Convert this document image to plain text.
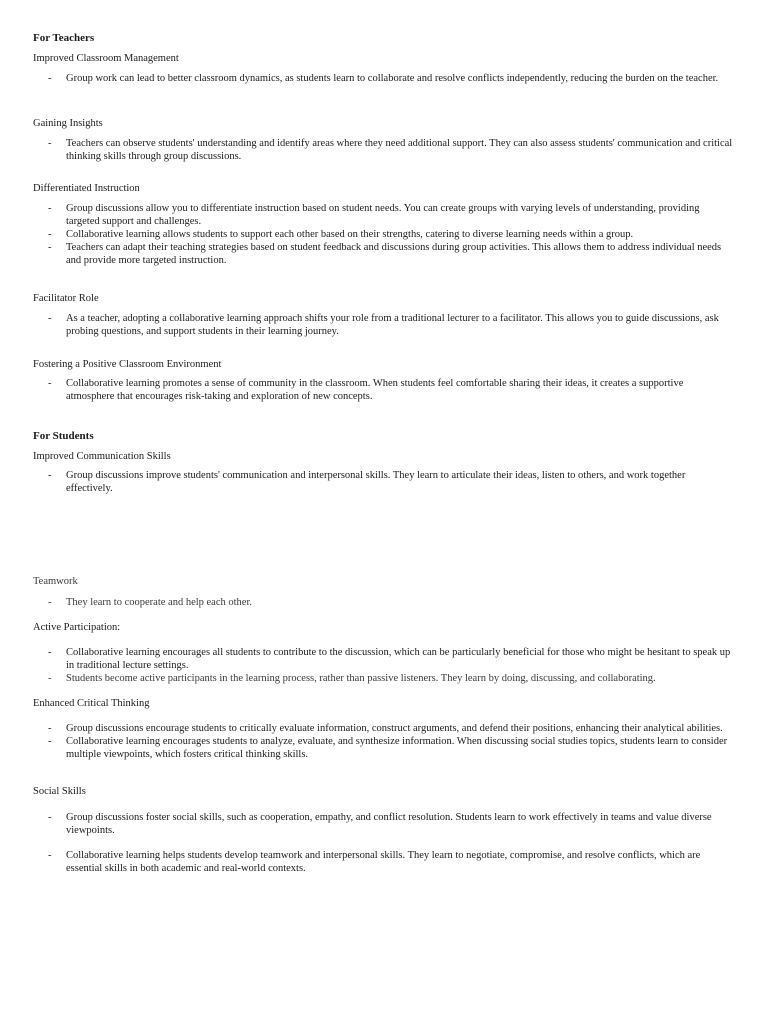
For Teachers
Improved Classroom Management
- Group work can lead to better classroom dynamics, as students learn to collaborate and resolve conflicts independently, reducing the burden on the teacher.
Gaining Insights
- Teachers can observe students' understanding and identify areas where they need additional support. They can also assess students' communication and critical thinking skills through group discussions.
Differentiated Instruction
- Group discussions allow you to differentiate instruction based on student needs. You can create groups with varying levels of understanding, providing targeted support and challenges.
- Collaborative learning allows students to support each other based on their strengths, catering to diverse learning needs within a group.
- Teachers can adapt their teaching strategies based on student feedback and discussions during group activities. This allows them to address individual needs and provide more targeted instruction.
Facilitator Role
- As a teacher, adopting a collaborative learning approach shifts your role from a traditional lecturer to a facilitator. This allows you to guide discussions, ask probing questions, and support students in their learning journey.
Fostering a Positive Classroom Environment
- Collaborative learning promotes a sense of community in the classroom. When students feel comfortable sharing their ideas, it creates a supportive atmosphere that encourages risk-taking and exploration of new concepts.
For Students
Improved Communication Skills
- Group discussions improve students' communication and interpersonal skills. They learn to articulate their ideas, listen to others, and work together effectively.
Teamwork
- They learn to cooperate and help each other.
Active Participation:
- Collaborative learning encourages all students to contribute to the discussion, which can be particularly beneficial for those who might be hesitant to speak up in traditional lecture settings.
- Students become active participants in the learning process, rather than passive listeners. They learn by doing, discussing, and collaborating.
Enhanced Critical Thinking
- Group discussions encourage students to critically evaluate information, construct arguments, and defend their positions, enhancing their analytical abilities.
- Collaborative learning encourages students to analyze, evaluate, and synthesize information. When discussing social studies topics, students learn to consider multiple viewpoints, which fosters critical thinking skills.
Social Skills
- Group discussions foster social skills, such as cooperation, empathy, and conflict resolution. Students learn to work effectively in teams and value diverse viewpoints.
- Collaborative learning helps students develop teamwork and interpersonal skills. They learn to negotiate, compromise, and resolve conflicts, which are essential skills in both academic and real-world contexts.
